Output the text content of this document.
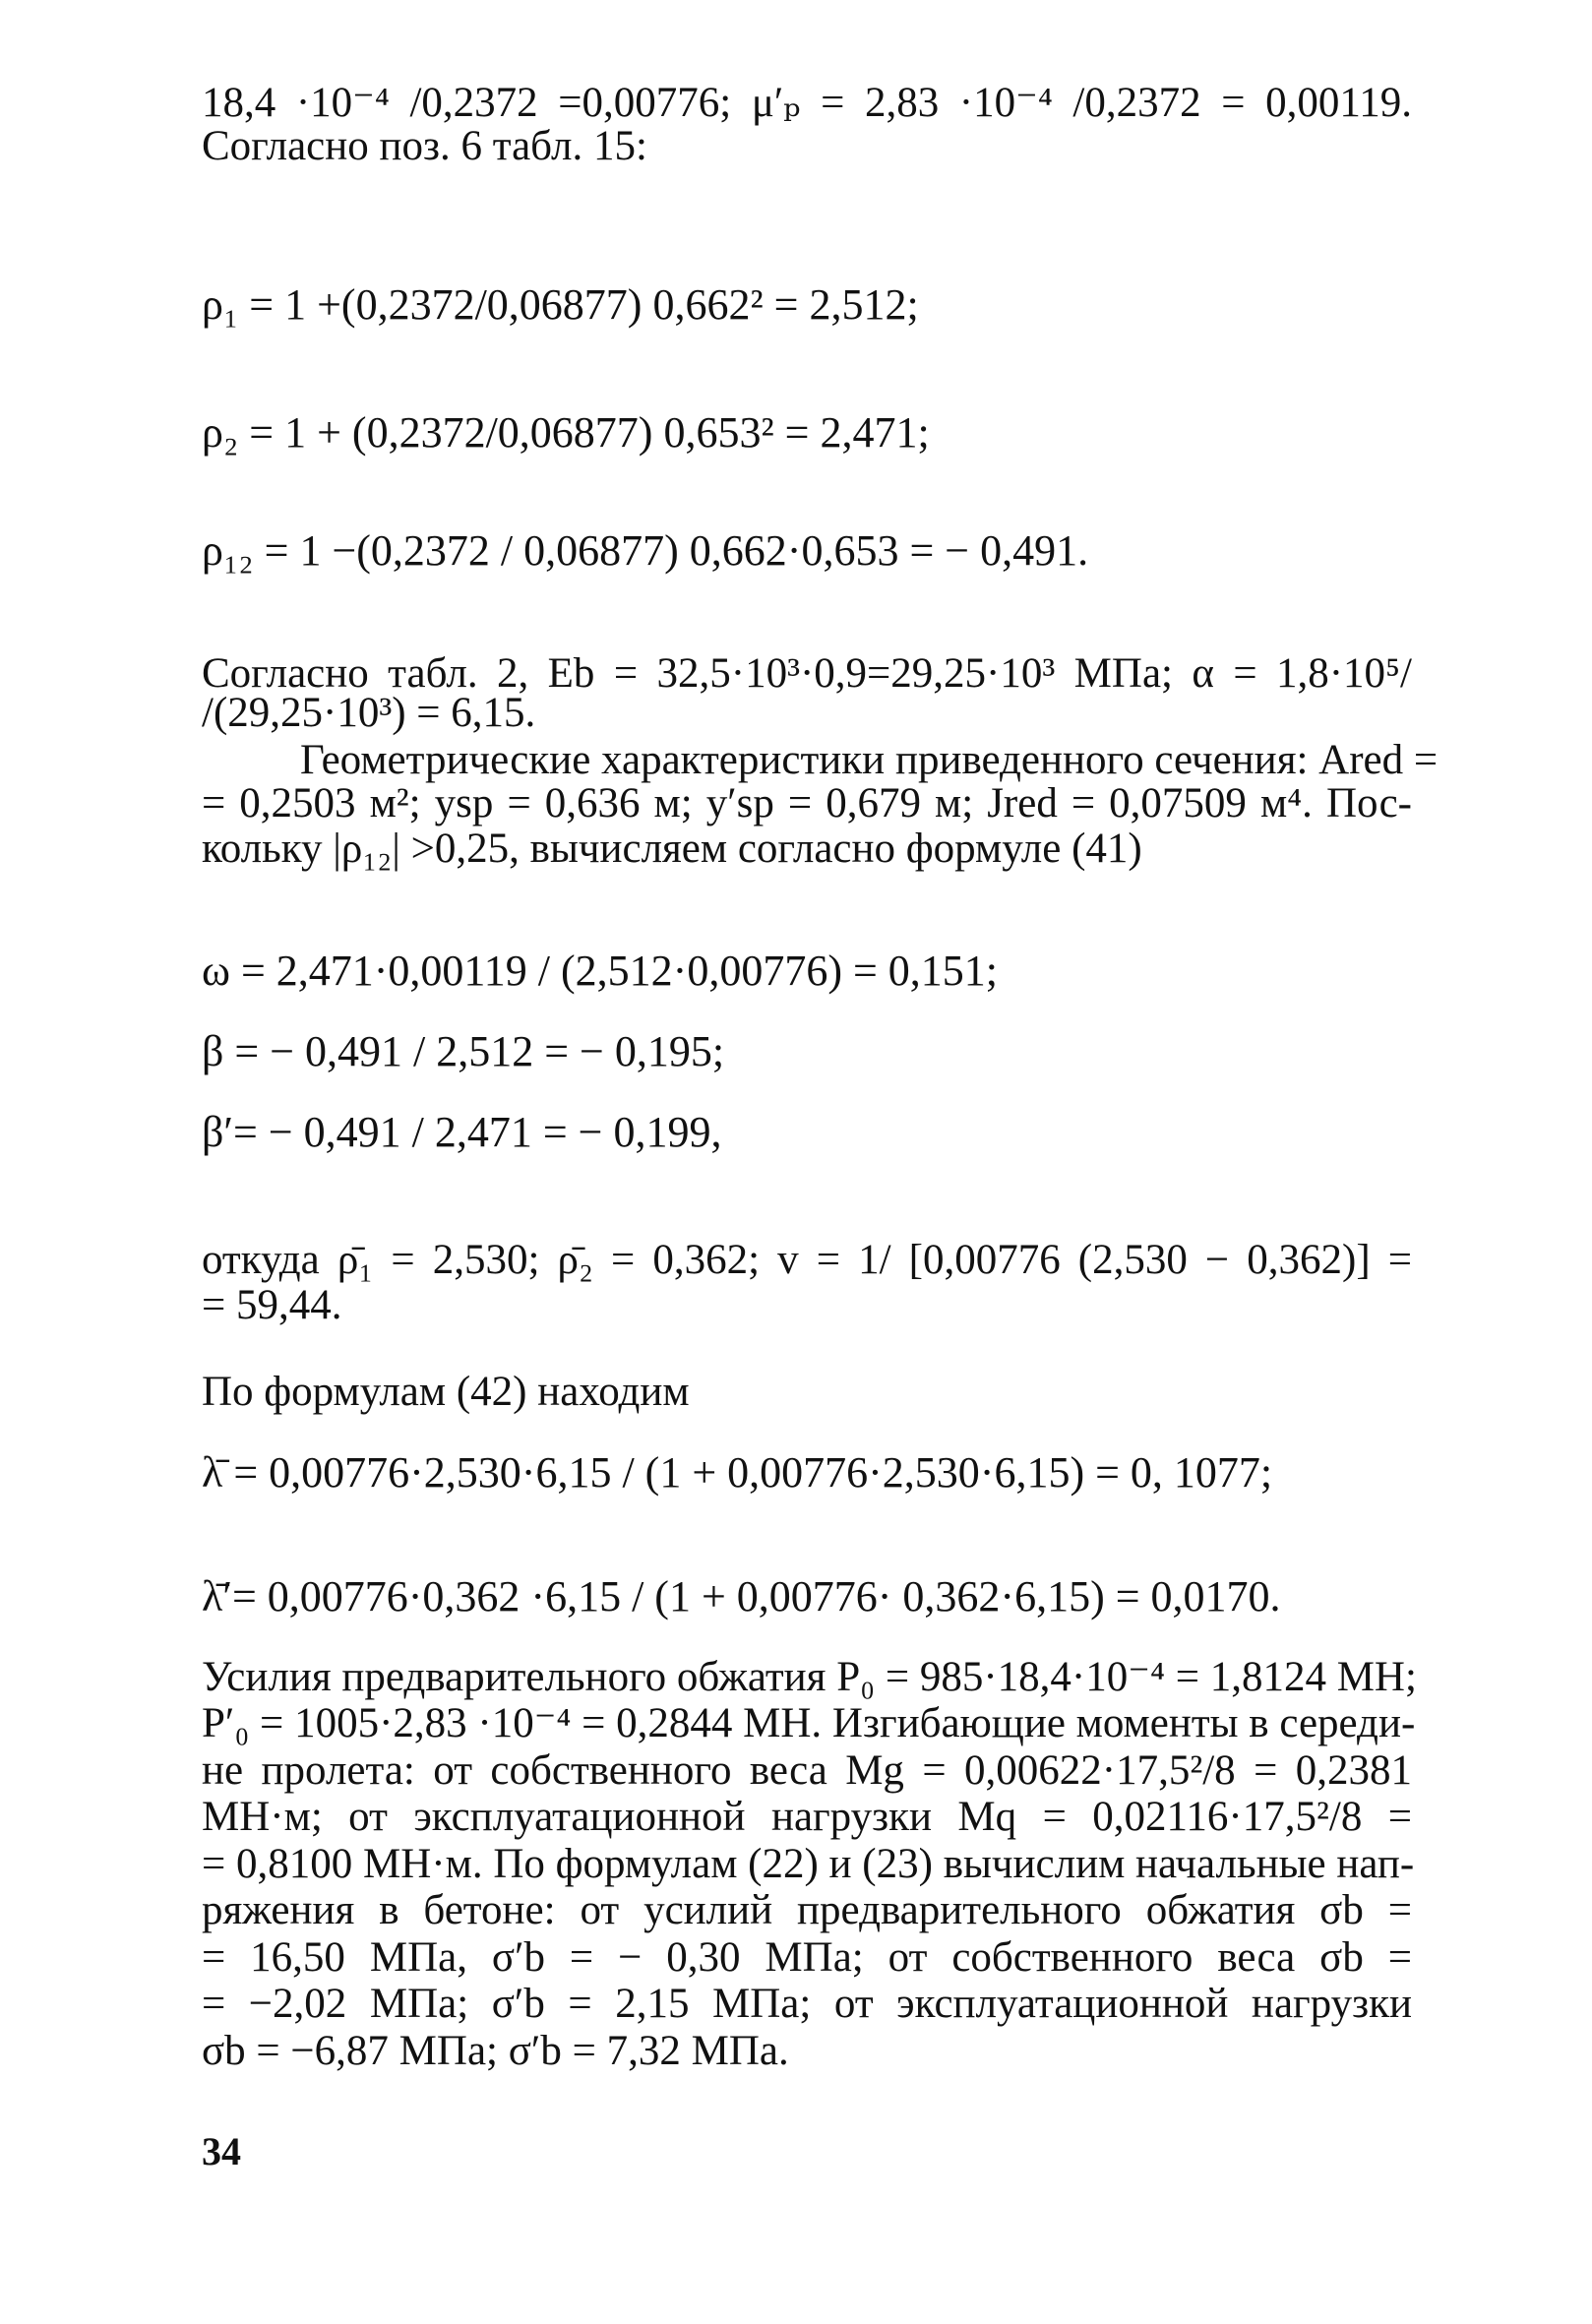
18,4 ·10⁻⁴ /0,2372 =0,00776; μ′ₚ = 2,83 ·10⁻⁴ /0,2372 = 0,00119.
Согласно поз. 6 табл. 15:
ρ₁ = 1 +(0,2372/0,06877) 0,662² = 2,512;
ρ₂ = 1 + (0,2372/0,06877) 0,653² = 2,471;
ρ₁₂ = 1 −(0,2372 / 0,06877) 0,662·0,653 = − 0,491.
Согласно табл. 2, Eb = 32,5·10³·0,9=29,25·10³ МПа; α = 1,8·10⁵/
/(29,25·10³) = 6,15.
Геометрические характеристики приведенного сечения: Ared =
= 0,2503 м²; ysp = 0,636 м; y′sp = 0,679 м; Jred = 0,07509 м⁴. Пос-
кольку |ρ₁₂| >0,25, вычисляем согласно формуле (41)
ω = 2,471·0,00119 / (2,512·0,00776) = 0,151;
β = − 0,491 / 2,512 = − 0,195;
β′= − 0,491 / 2,471 = − 0,199,
откуда ρ̄₁ = 2,530; ρ̄₂ = 0,362; v = 1/ [0,00776 (2,530 − 0,362)] =
= 59,44.
По формулам (42) находим
λ̄ = 0,00776·2,530·6,15 / (1 + 0,00776·2,530·6,15) = 0, 1077;
λ̄′= 0,00776·0,362 ·6,15 / (1 + 0,00776· 0,362·6,15) = 0,0170.
Усилия предварительного обжатия P₀ = 985·18,4·10⁻⁴ = 1,8124 МН;
P′₀ = 1005·2,83 ·10⁻⁴ = 0,2844 МН. Изгибающие моменты в середи-
не пролета: от собственного веса Mg = 0,00622·17,5²/8 = 0,2381
МН·м; от эксплуатационной нагрузки Mq = 0,02116·17,5²/8 =
= 0,8100 МН·м. По формулам (22) и (23) вычислим начальные нап-
ряжения в бетоне: от усилий предварительного обжатия σb =
= 16,50 МПа, σ′b = − 0,30 МПа; от собственного веса σb =
= −2,02 МПа; σ′b = 2,15 МПа; от эксплуатационной нагрузки
σb = −6,87 МПа; σ′b = 7,32 МПа.
34
